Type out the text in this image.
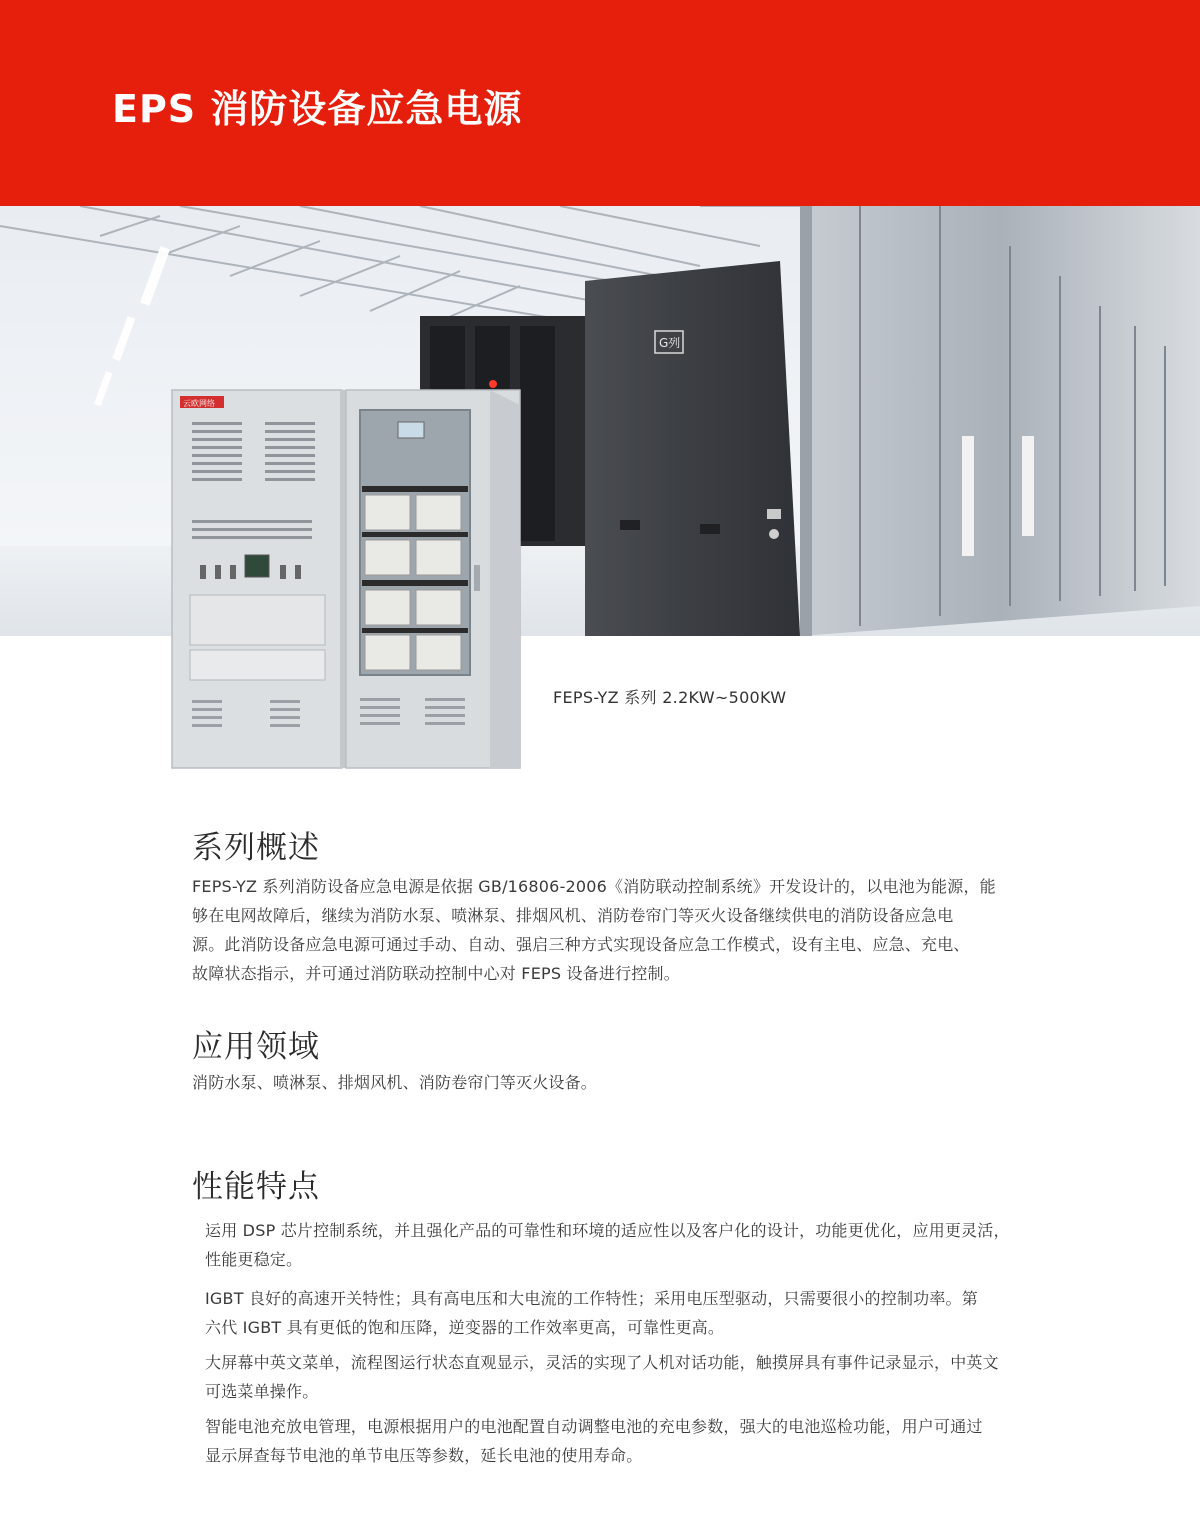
EPS 消防设备应急电源
G列
云欧网络
FEPS-YZ 系列 2.2KW~500KW
系列概述

FEPS-YZ 系列消防设备应急电源是依据 GB/16806-2006《消防联动控制系统》开发设计的，以电池为能源，能
够在电网故障后，继续为消防水泵、喷淋泵、排烟风机、消防卷帘门等灭火设备继续供电的消防设备应急电
源。此消防设备应急电源可通过手动、自动、强启三种方式实现设备应急工作模式，设有主电、应急、充电、
故障状态指示，并可通过消防联动控制中心对 FEPS 设备进行控制。

应用领域

消防水泵、喷淋泵、排烟风机、消防卷帘门等灭火设备。

性能特点

运用 DSP 芯片控制系统，并且强化产品的可靠性和环境的适应性以及客户化的设计，功能更优化，应用更灵活，
性能更稳定。

IGBT 良好的高速开关特性；具有高电压和大电流的工作特性；采用电压型驱动，只需要很小的控制功率。第
六代 IGBT 具有更低的饱和压降，逆变器的工作效率更高，可靠性更高。

大屏幕中英文菜单，流程图运行状态直观显示，灵活的实现了人机对话功能，触摸屏具有事件记录显示，中英文
可选菜单操作。

智能电池充放电管理，电源根据用户的电池配置自动调整电池的充电参数，强大的电池巡检功能，用户可通过
显示屏查每节电池的单节电压等参数，延长电池的使用寿命。
